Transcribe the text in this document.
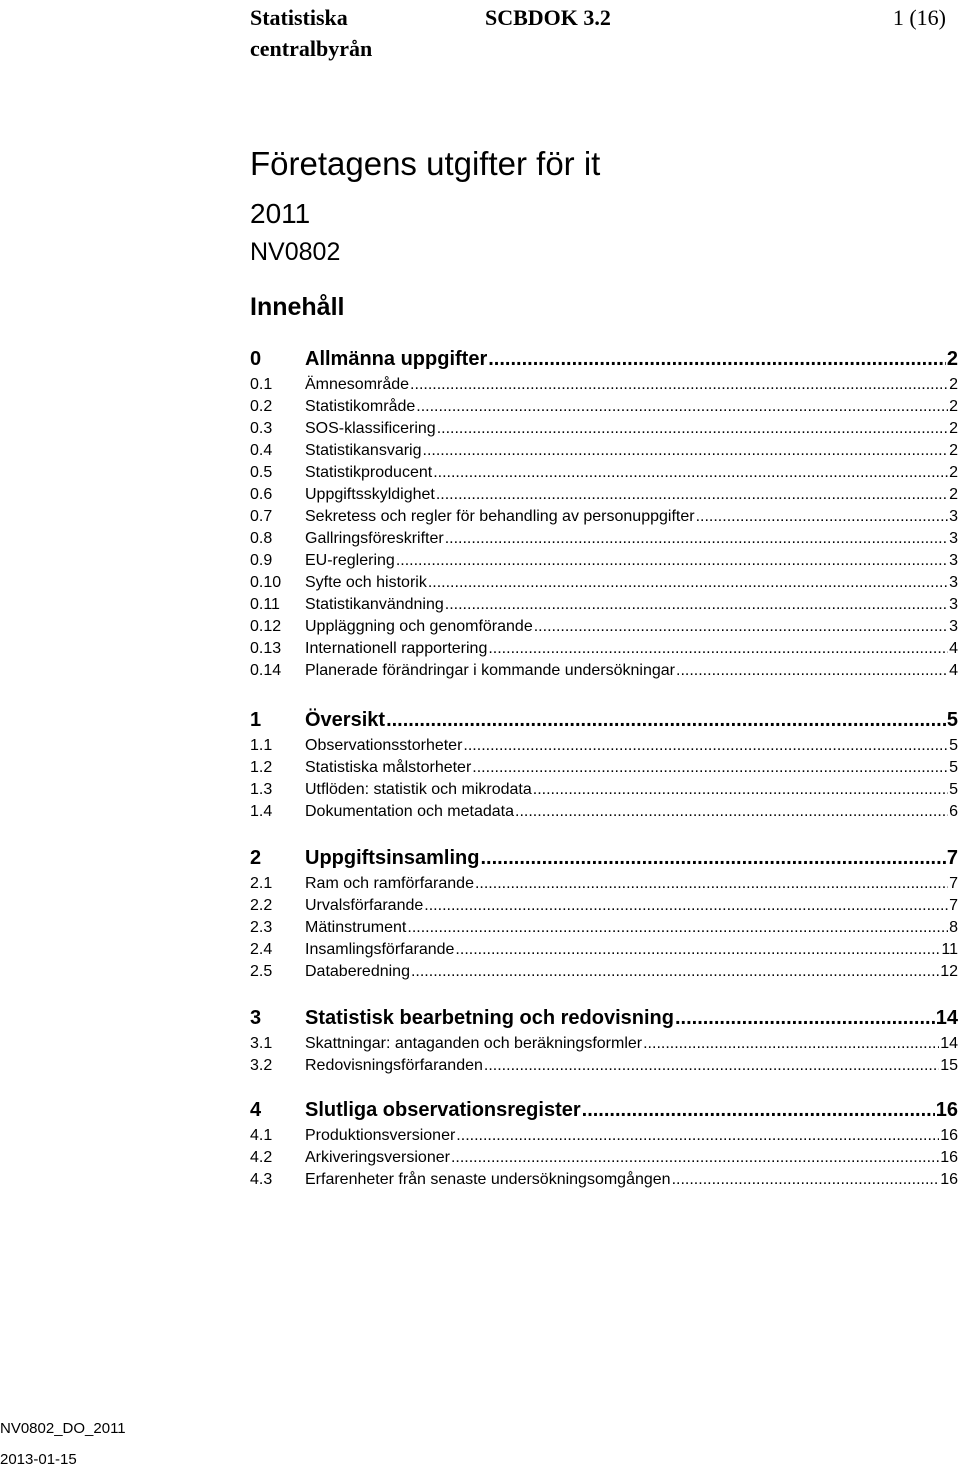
Statistiska centralbyrån
SCBDOK 3.2	1 (16)
Företagens utgifter för it
2011
NV0802
Innehåll
0	Allmänna uppgifter .....	2
0.1	Ämnesområde .....	2
0.2	Statistikområde .....	2
0.3	SOS-klassificering .....	2
0.4	Statistikansvarig .....	2
0.5	Statistikproducent .....	2
0.6	Uppgiftsskyldighet .....	2
0.7	Sekretess och regler för behandling av personuppgifter .....	3
0.8	Gallringsföreskrifter .....	3
0.9	EU-reglering .....	3
0.10	Syfte och historik .....	3
0.11	Statistikanvändning .....	3
0.12	Uppläggning och genomförande .....	3
0.13	Internationell rapportering .....	4
0.14	Planerade förändringar i kommande undersökningar .....	4
1	Översikt .....	5
1.1	Observationsstorheter .....	5
1.2	Statistiska målstorheter .....	5
1.3	Utflöden: statistik och mikrodata .....	5
1.4	Dokumentation och metadata .....	6
2	Uppgiftsinsamling .....	7
2.1	Ram och ramförfarande .....	7
2.2	Urvalsförfarande .....	7
2.3	Mätinstrument .....	8
2.4	Insamlingsförfarande .....	11
2.5	Databeredning .....	12
3	Statistisk bearbetning och redovisning .....	14
3.1	Skattningar: antaganden och beräkningsformler .....	14
3.2	Redovisningsförfaranden .....	15
4	Slutliga observationsregister .....	16
4.1	Produktionsversioner .....	16
4.2	Arkiveringsversioner .....	16
4.3	Erfarenheter från senaste undersökningsomgången .....	16
NV0802_DO_2011
2013-01-15
